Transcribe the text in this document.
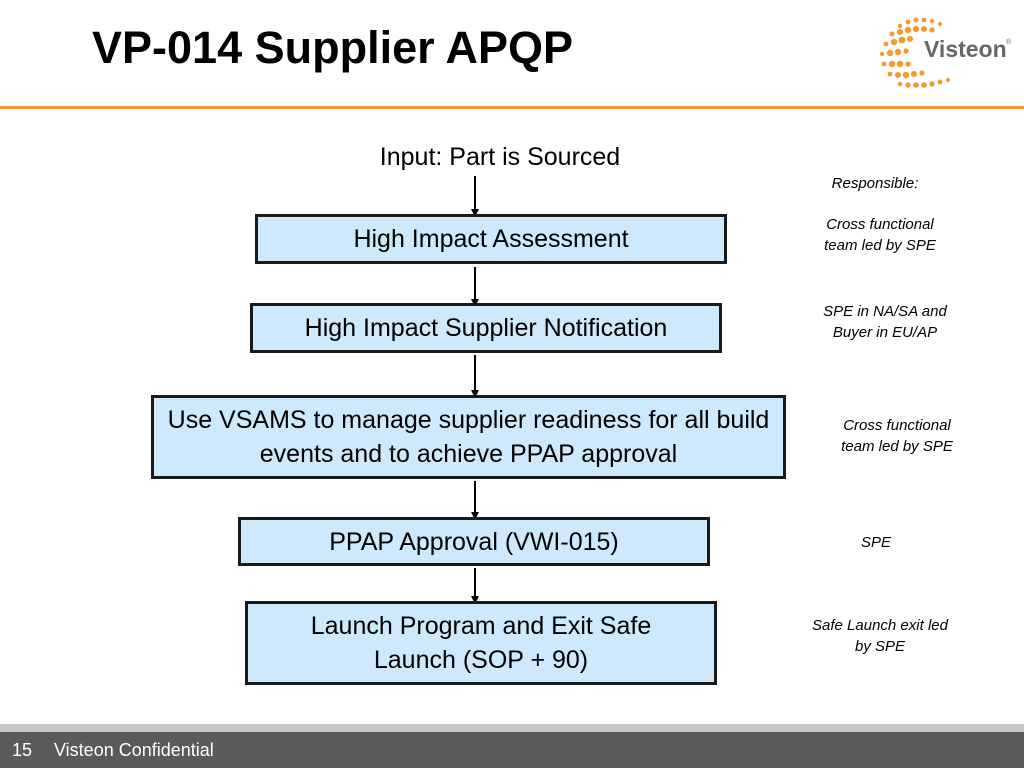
VP-014 Supplier APQP	Visteon ®
Input: Part is Sourced
High Impact Assessment
High Impact Supplier Notification
Use VSAMS to manage supplier readiness for all build events and to achieve PPAP approval
PPAP Approval (VWI-015)
Launch Program and Exit Safe Launch (SOP + 90)
Responsible:
Cross functional
team led by SPE
SPE in NA/SA and
Buyer in EU/AP
Cross functional
team led by SPE
SPE
Safe Launch exit led
by SPE
15 Visteon Confidential
